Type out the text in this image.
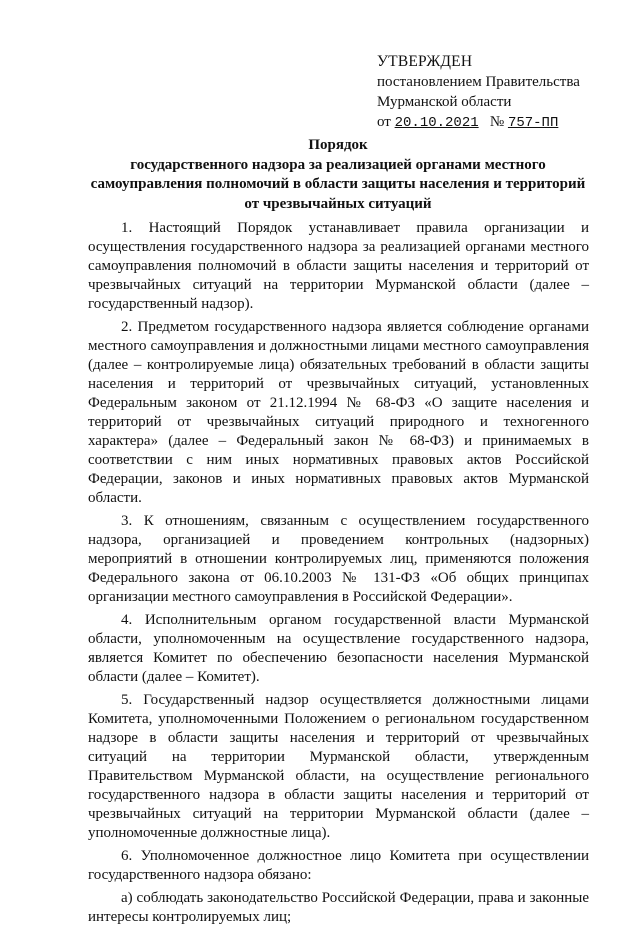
УТВЕРЖДЕН
постановлением Правительства
Мурманской области
от 20.10.2021 № 757-ПП
Порядок
государственного надзора за реализацией органами местного
самоуправления полномочий в области защиты населения и территорий
от чрезвычайных ситуаций

1. Настоящий Порядок устанавливает правила организации и осуществления государственного надзора за реализацией органами местного самоуправления полномочий в области защиты населения и территорий от чрезвычайных ситуаций на территории Мурманской области (далее – государственный надзор).

2. Предметом государственного надзора является соблюдение органами местного самоуправления и должностными лицами местного самоуправления (далее – контролируемые лица) обязательных требований в области защиты населения и территорий от чрезвычайных ситуаций, установленных Федеральным законом от 21.12.1994 № 68-ФЗ «О защите населения и территорий от чрезвычайных ситуаций природного и техногенного характера» (далее – Федеральный закон № 68-ФЗ) и принимаемых в соответствии с ним иных нормативных правовых актов Российской Федерации, законов и иных нормативных правовых актов Мурманской области.

3. К отношениям, связанным с осуществлением государственного надзора, организацией и проведением контрольных (надзорных) мероприятий в отношении контролируемых лиц, применяются положения Федерального закона от 06.10.2003 № 131-ФЗ «Об общих принципах организации местного самоуправления в Российской Федерации».

4. Исполнительным органом государственной власти Мурманской области, уполномоченным на осуществление государственного надзора, является Комитет по обеспечению безопасности населения Мурманской области (далее – Комитет).

5. Государственный надзор осуществляется должностными лицами Комитета, уполномоченными Положением о региональном государственном надзоре в области защиты населения и территорий от чрезвычайных ситуаций на территории Мурманской области, утвержденным Правительством Мурманской области, на осуществление регионального государственного надзора в области защиты населения и территорий от чрезвычайных ситуаций на территории Мурманской области (далее – уполномоченные должностные лица).

6. Уполномоченное должностное лицо Комитета при осуществлении государственного надзора обязано:

а) соблюдать законодательство Российской Федерации, права и законные интересы контролируемых лиц;
